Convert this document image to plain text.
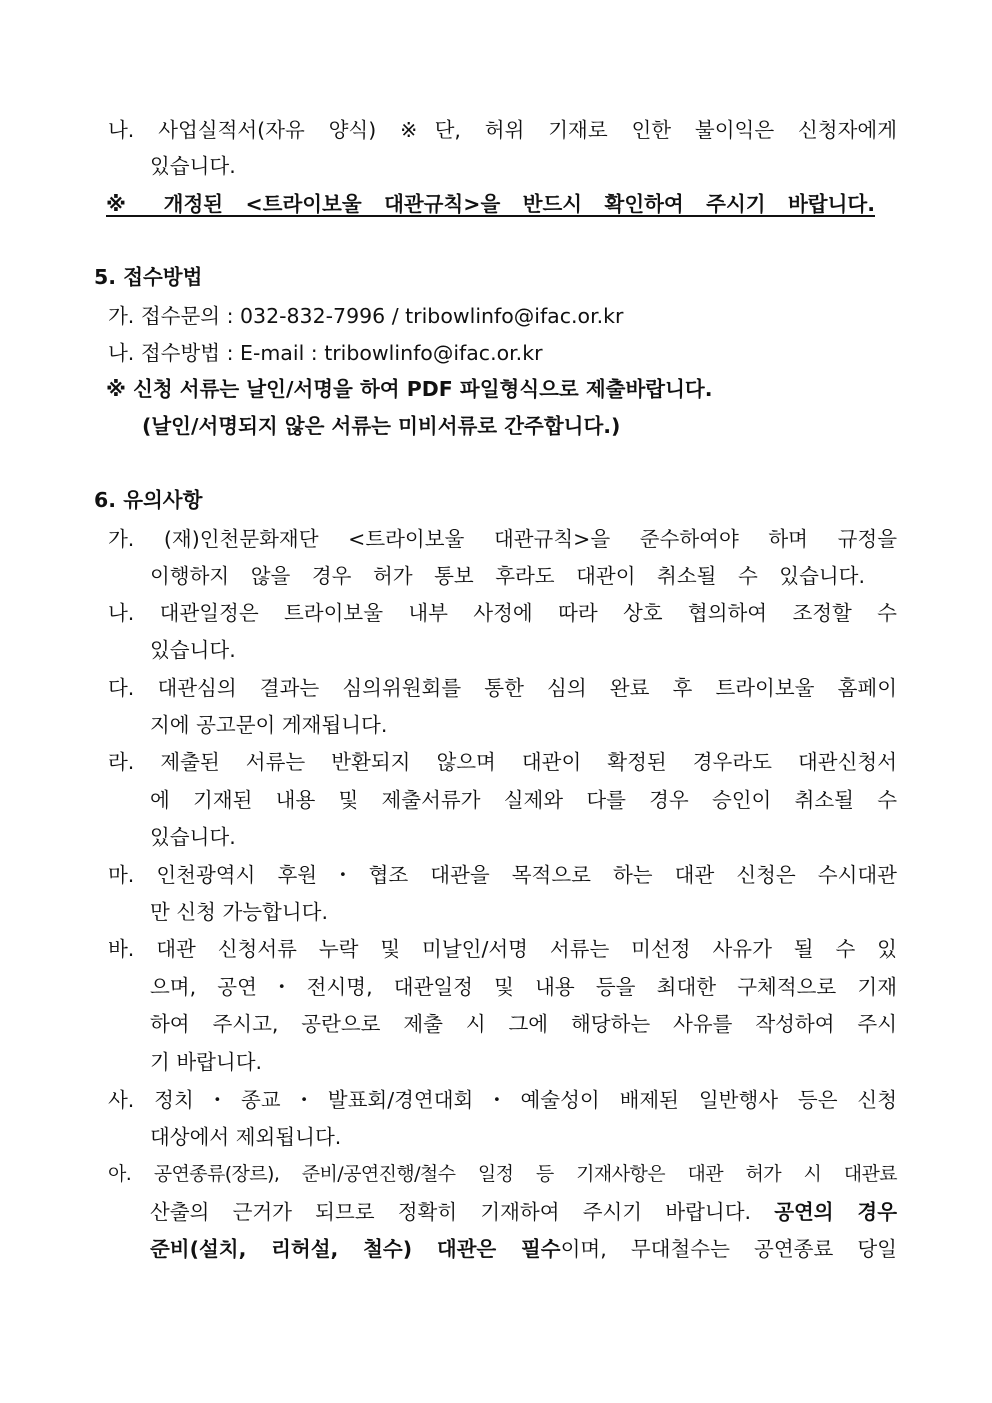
나. 사업실적서(자유 양식) ※단, 허위 기재로 인한 불이익은 신청자에게
있습니다.
※ 개정된 <트라이보울 대관규칙>을 반드시 확인하여 주시기 바랍니다.
5. 접수방법
가. 접수문의 : 032-832-7996 / tribowlinfo@ifac.or.kr
나. 접수방법 : E-mail : tribowlinfo@ifac.or.kr
※ 신청 서류는 날인/서명을 하여 PDF 파일형식으로 제출바랍니다.
(날인/서명되지 않은 서류는 미비서류로 간주합니다.)
6. 유의사항
가. (재)인천문화재단 <트라이보울 대관규칙>을 준수하여야 하며 규정을
이행하지 않을 경우 허가 통보 후라도 대관이 취소될 수 있습니다.
나. 대관일정은 트라이보울 내부 사정에 따라 상호 협의하여 조정할 수
있습니다.
다. 대관심의 결과는 심의위원회를 통한 심의 완료 후 트라이보울 홈페이
지에 공고문이 게재됩니다.
라. 제출된 서류는 반환되지 않으며 대관이 확정된 경우라도 대관신청서
에 기재된 내용 및 제출서류가 실제와 다를 경우 승인이 취소될 수
있습니다.
마. 인천광역시 후원・협조 대관을 목적으로 하는 대관 신청은 수시대관
만 신청 가능합니다.
바. 대관 신청서류 누락 및 미날인/서명 서류는 미선정 사유가 될 수 있
으며, 공연・전시명, 대관일정 및 내용 등을 최대한 구체적으로 기재
하여 주시고, 공란으로 제출 시 그에 해당하는 사유를 작성하여 주시
기 바랍니다.
사. 정치・종교・발표회/경연대회・예술성이 배제된 일반행사 등은 신청
대상에서 제외됩니다.
아. 공연종류(장르), 준비/공연진행/철수 일정 등 기재사항은 대관 허가 시 대관료
산출의 근거가 되므로 정확히 기재하여 주시기 바랍니다. 공연의 경우
준비(설치, 리허설, 철수) 대관은 필수이며, 무대철수는 공연종료 당일
